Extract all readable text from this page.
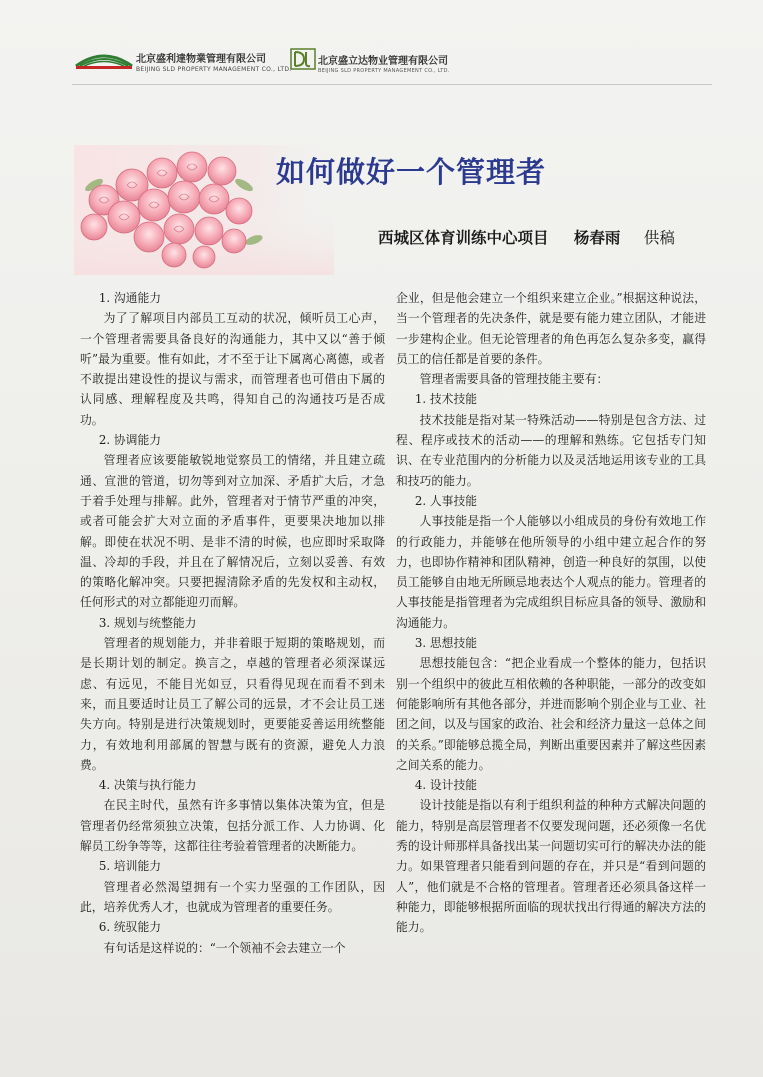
北京盛利達物業管理有限公司
BEIJING SLD PROPERTY MANAGEMENT CO., LTD.
北京盛立达物业管理有限公司
BEIJING SLD PROPERTY MANAGEMENT CO., LTD.
如何做好一个管理者
西城区体育训练中心项目 杨春雨 供稿

1. 沟通能力

为了了解项目内部员工互动的状况，倾听员工心声，一个管理者需要具备良好的沟通能力，其中又以“善于倾听”最为重要。惟有如此，才不至于让下属离心离德，或者不敢提出建设性的提议与需求，而管理者也可借由下属的认同感、理解程度及共鸣，得知自己的沟通技巧是否成功。

2. 协调能力

管理者应该要能敏锐地觉察员工的情绪，并且建立疏通、宣泄的管道，切勿等到对立加深、矛盾扩大后，才急于着手处理与排解。此外，管理者对于情节严重的冲突，或者可能会扩大对立面的矛盾事件，更要果决地加以排解。即使在状况不明、是非不清的时候，也应即时采取降温、冷却的手段，并且在了解情况后，立刻以妥善、有效的策略化解冲突。只要把握清除矛盾的先发权和主动权，任何形式的对立都能迎刃而解。

3. 规划与统整能力

管理者的规划能力，并非着眼于短期的策略规划，而是长期计划的制定。换言之，卓越的管理者必须深谋远虑、有远见，不能目光如豆，只看得见现在而看不到未来，而且要适时让员工了解公司的远景，才不会让员工迷失方向。特别是进行决策规划时，更要能妥善运用统整能力，有效地利用部属的智慧与既有的资源，避免人力浪费。

4. 决策与执行能力

在民主时代，虽然有许多事情以集体决策为宜，但是管理者仍经常须独立决策，包括分派工作、人力协调、化解员工纷争等等，这都往往考验着管理者的决断能力。

5. 培训能力

管理者必然渴望拥有一个实力坚强的工作团队，因此，培养优秀人才，也就成为管理者的重要任务。

6. 统驭能力

有句话是这样说的：“一个领袖不会去建立一个

企业，但是他会建立一个组织来建立企业。”根据这种说法，当一个管理者的先决条件，就是要有能力建立团队，才能进一步建构企业。但无论管理者的角色再怎么复杂多变，赢得员工的信任都是首要的条件。

管理者需要具备的管理技能主要有：

1. 技术技能

技术技能是指对某一特殊活动——特别是包含方法、过程、程序或技术的活动——的理解和熟练。它包括专门知识、在专业范围内的分析能力以及灵活地运用该专业的工具和技巧的能力。

2. 人事技能

人事技能是指一个人能够以小组成员的身份有效地工作的行政能力，并能够在他所领导的小组中建立起合作的努力，也即协作精神和团队精神，创造一种良好的氛围，以使员工能够自由地无所顾忌地表达个人观点的能力。管理者的人事技能是指管理者为完成组织目标应具备的领导、激励和沟通能力。

3. 思想技能

思想技能包含：“把企业看成一个整体的能力，包括识别一个组织中的彼此互相依赖的各种职能，一部分的改变如何能影响所有其他各部分，并进而影响个别企业与工业、社团之间，以及与国家的政治、社会和经济力量这一总体之间的关系。”即能够总揽全局，判断出重要因素并了解这些因素之间关系的能力。

4. 设计技能

设计技能是指以有利于组织利益的种种方式解决问题的能力，特别是高层管理者不仅要发现问题，还必须像一名优秀的设计师那样具备找出某一问题切实可行的解决办法的能力。如果管理者只能看到问题的存在，并只是“看到问题的人”，他们就是不合格的管理者。管理者还必须具备这样一种能力，即能够根据所面临的现状找出行得通的解决方法的能力。
